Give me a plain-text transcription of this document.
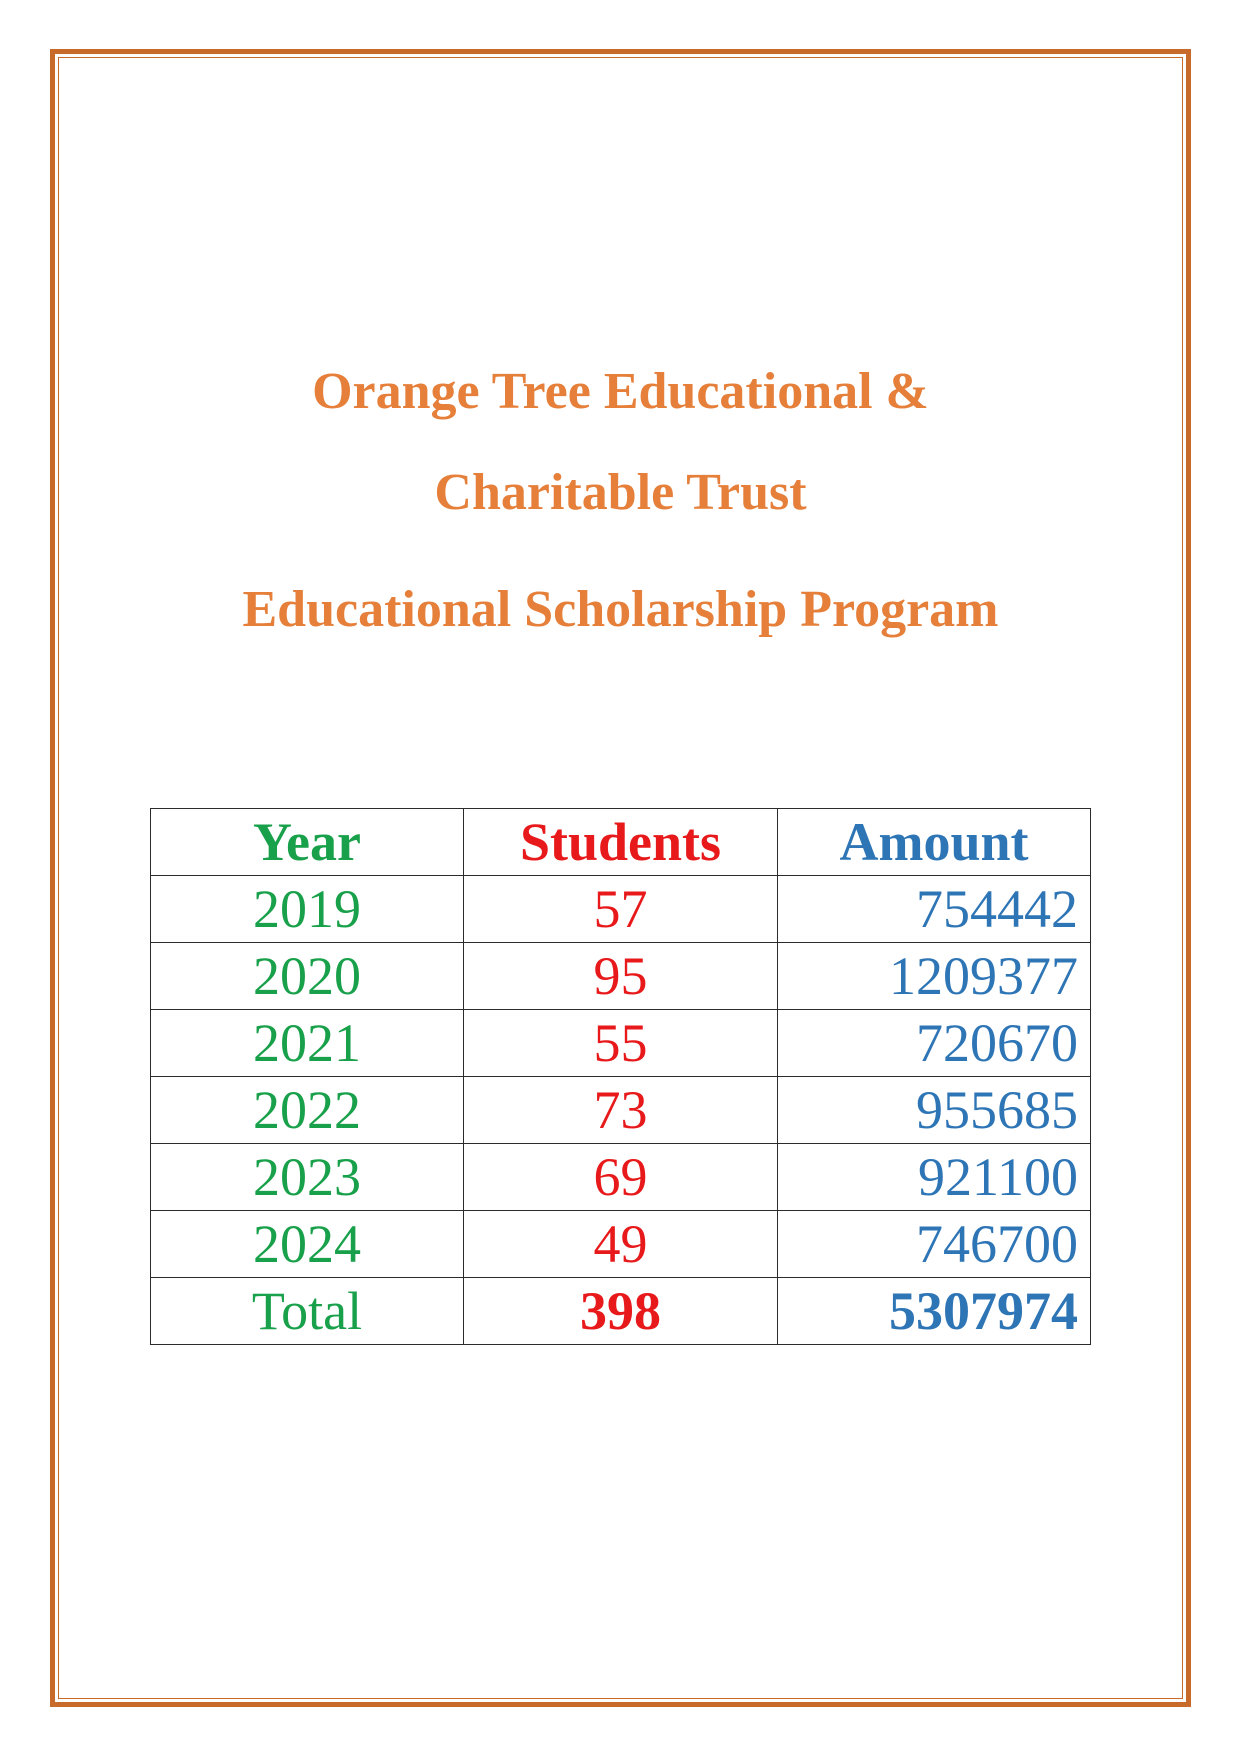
Orange Tree Educational &
Charitable Trust
Educational Scholarship Program
Year	Students	Amount
2019	57	754442
2020	95	1209377
2021	55	720670
2022	73	955685
2023	69	921100
2024	49	746700
Total	398	5307974
